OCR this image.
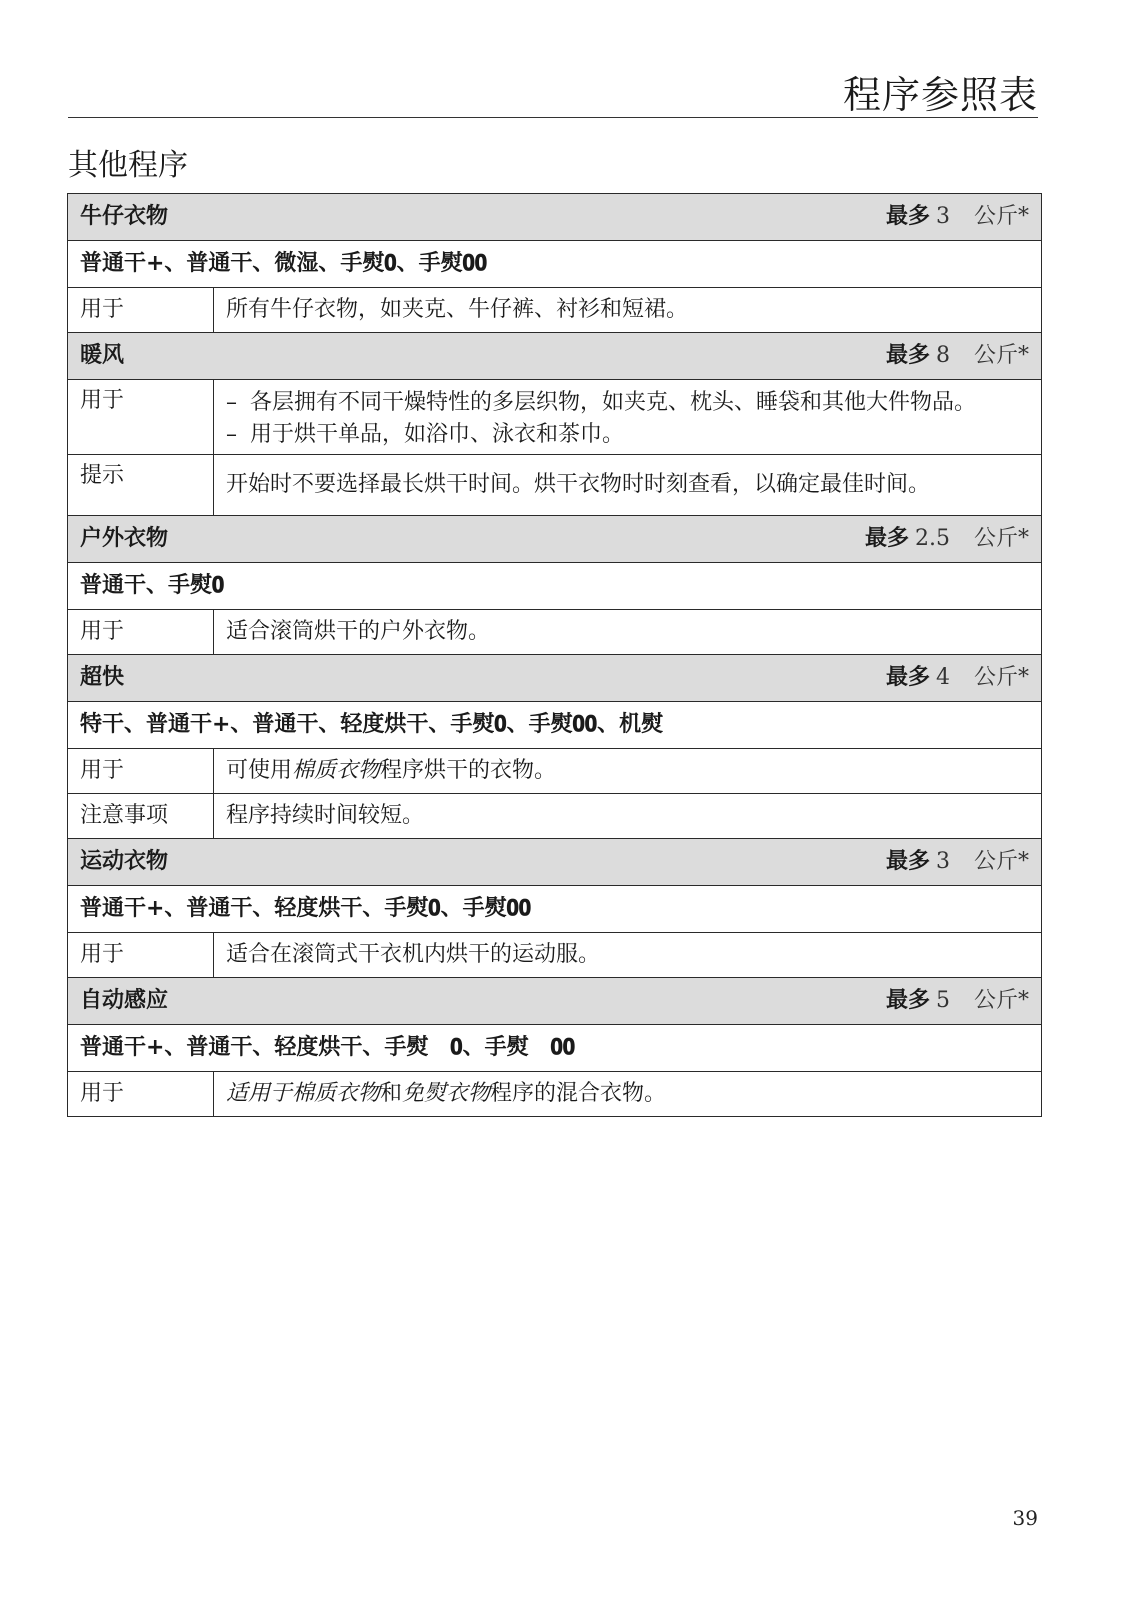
程序参照表
其他程序
牛仔衣物 最多 3 公斤*	

普通干+、普通干、微湿、手熨𝟎、手熨𝟎𝟎	
用于	所有牛仔衣物，如夹克、牛仔裤、衬衫和短裙。
暖风 最多 8 公斤*	

用于	– 各层拥有不同干燥特性的多层织物，如夹克、枕头、睡袋和其他大件物品。
– 用于烘干单品，如浴巾、泳衣和茶巾。

提示	开始时不要选择最长烘干时间。烘干衣物时时刻查看，以确定最佳时间。
户外衣物 最多 2.5 公斤*	

普通干、手熨𝟎	
用于	适合滚筒烘干的户外衣物。
超快 最多 4 公斤*	

特干、普通干+、普通干、轻度烘干、手熨𝟎、手熨𝟎𝟎、机熨	
用于	可使用棉质衣物程序烘干的衣物。
注意事项	程序持续时间较短。
运动衣物 最多 3 公斤*	

普通干+、普通干、轻度烘干、手熨𝟎、手熨𝟎𝟎	
用于	适合在滚筒式干衣机内烘干的运动服。
自动感应 最多 5 公斤*	

普通干+、普通干、轻度烘干、手熨　𝟎、手熨　𝟎𝟎	
用于	适用于棉质衣物和免熨衣物程序的混合衣物。
39
